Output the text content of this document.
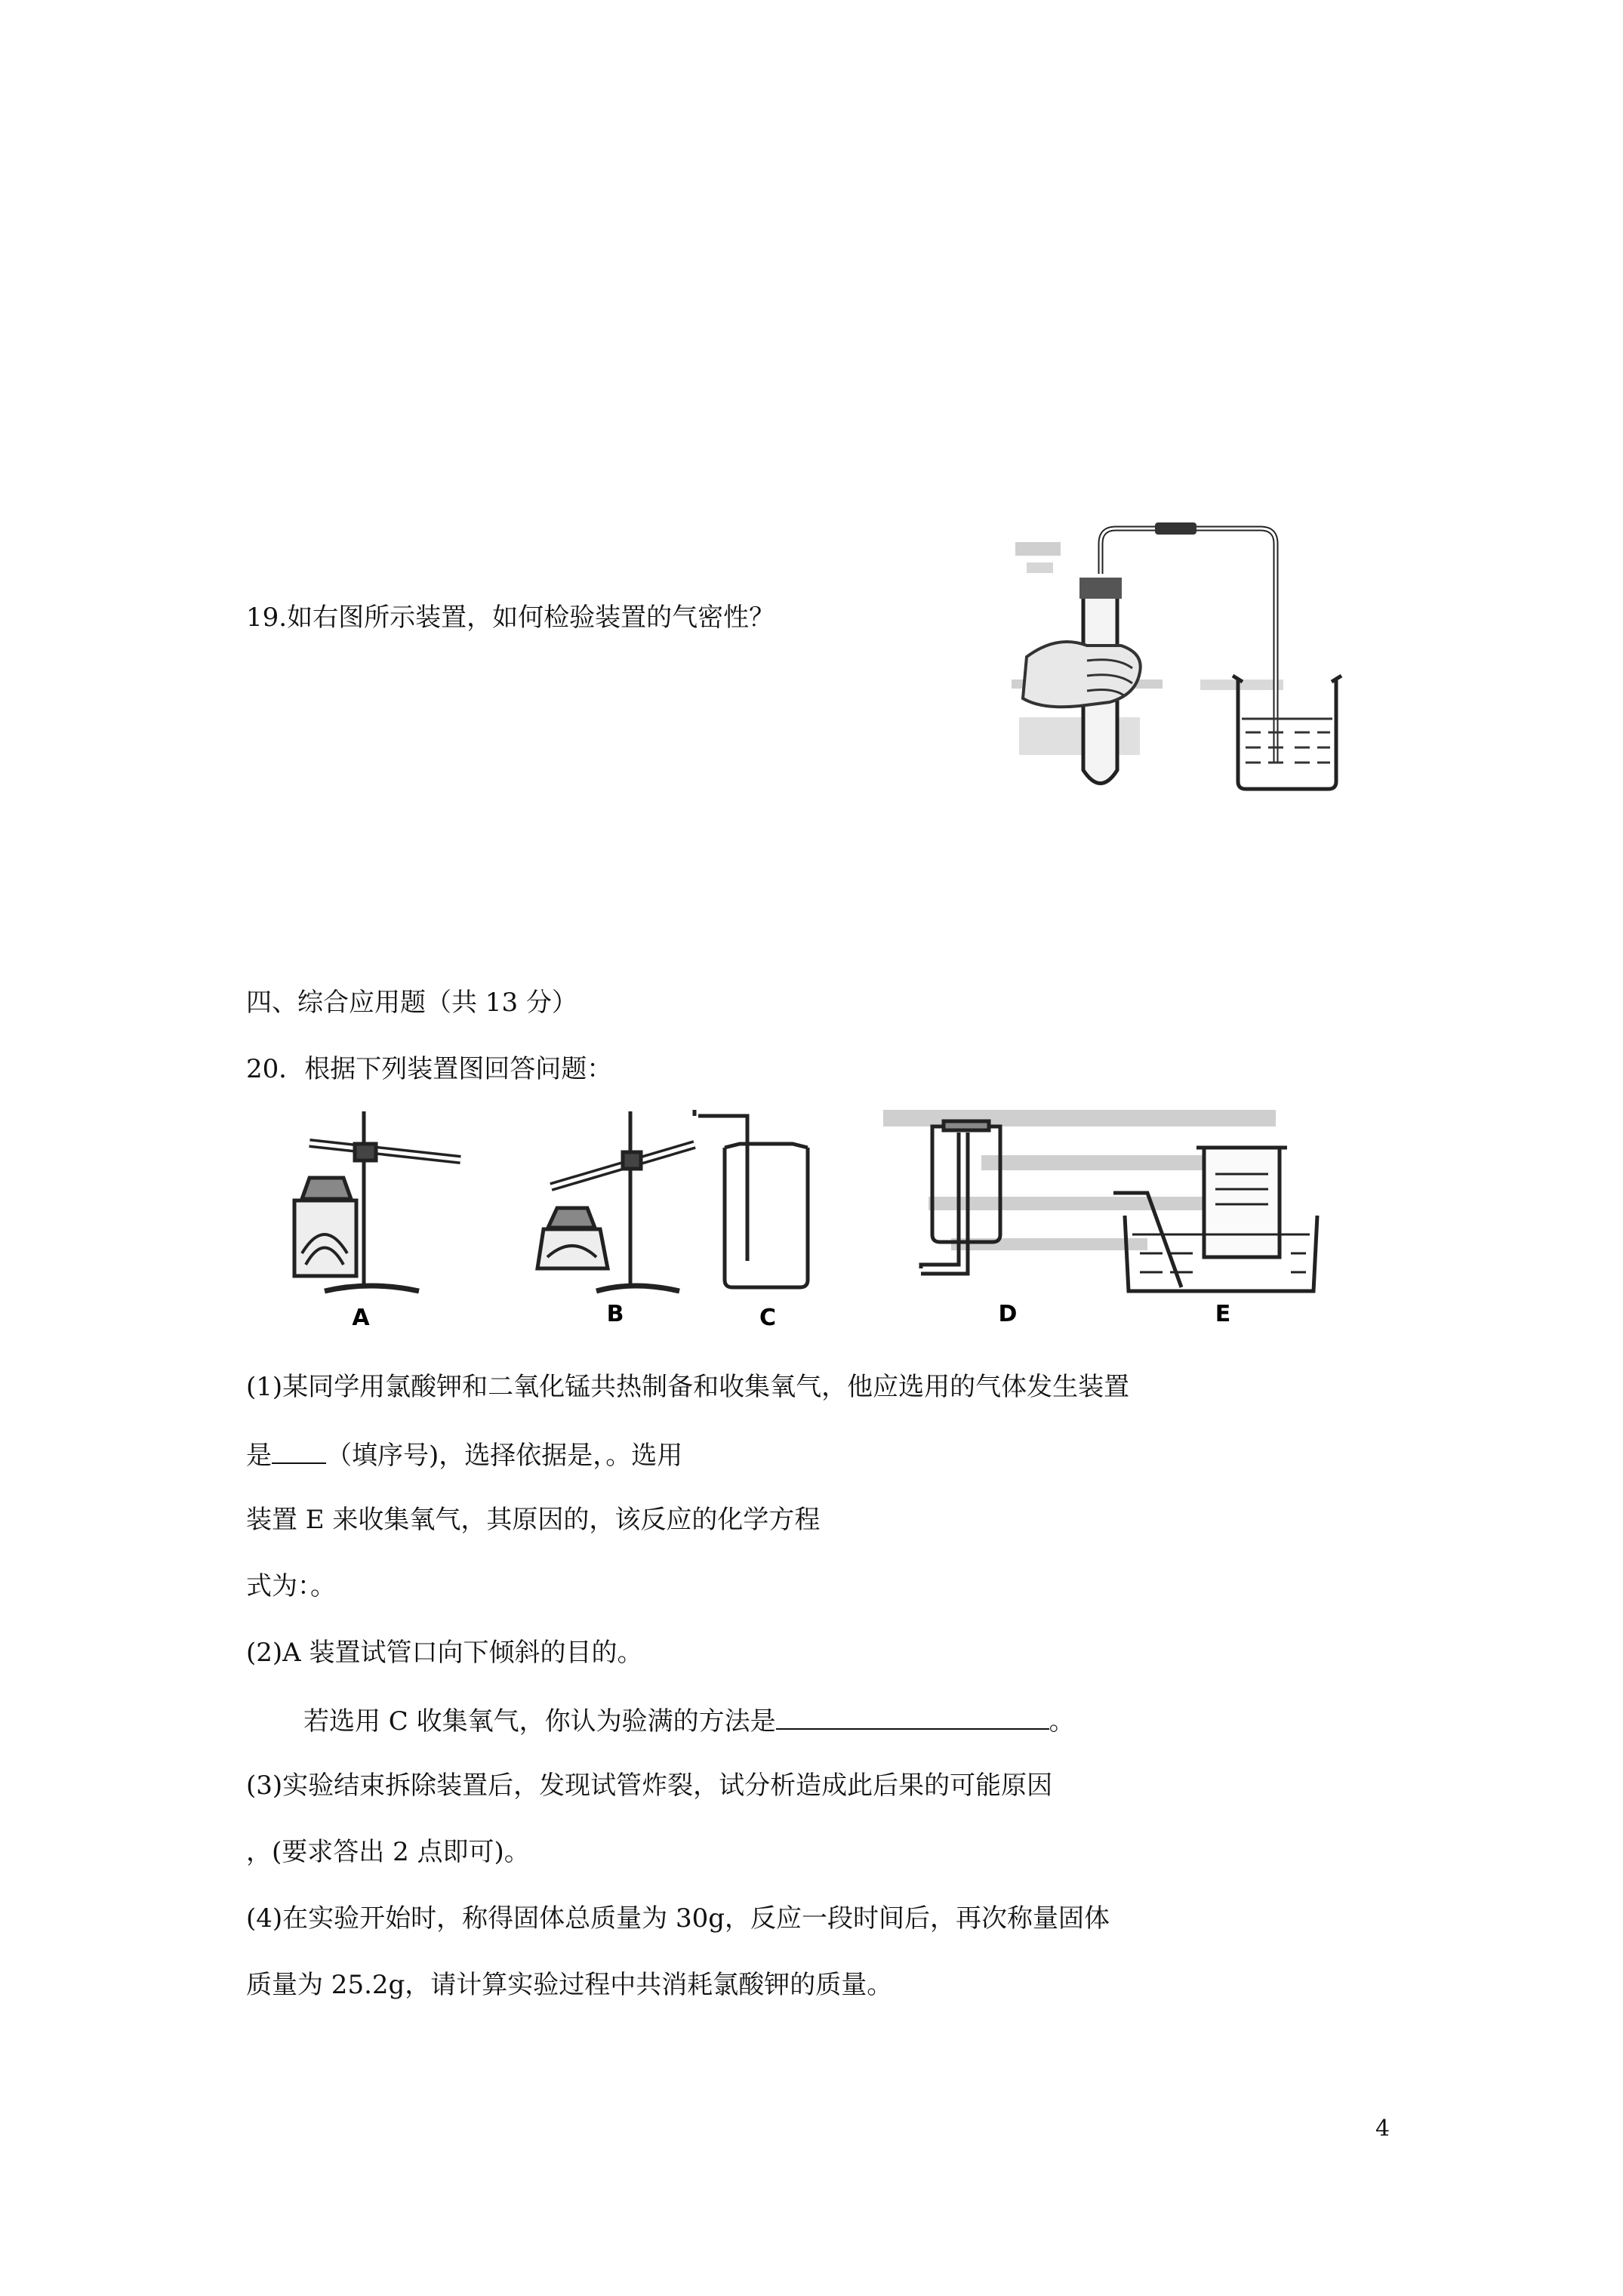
19.如右图所示装置，如何检验装置的气密性？
四、综合应用题（共 13 分）
20．根据下列装置图回答问题：
A	B	C	D	E
(1)某同学用氯酸钾和二氧化锰共热制备和收集氧气，他应选用的气体发生装置
是 （填序号)，选择依据是，。选用
装置 E 来收集氧气，其原因的，该反应的化学方程
式为：。
(2)A 装置试管口向下倾斜的目的。
若选用 C 收集氧气，你认为验满的方法是	。
(3)实验结束拆除装置后，发现试管炸裂，试分析造成此后果的可能原因
，(要求答出 2 点即可)。
(4)在实验开始时，称得固体总质量为 30g，反应一段时间后，再次称量固体
质量为 25.2g，请计算实验过程中共消耗氯酸钾的质量。
4
